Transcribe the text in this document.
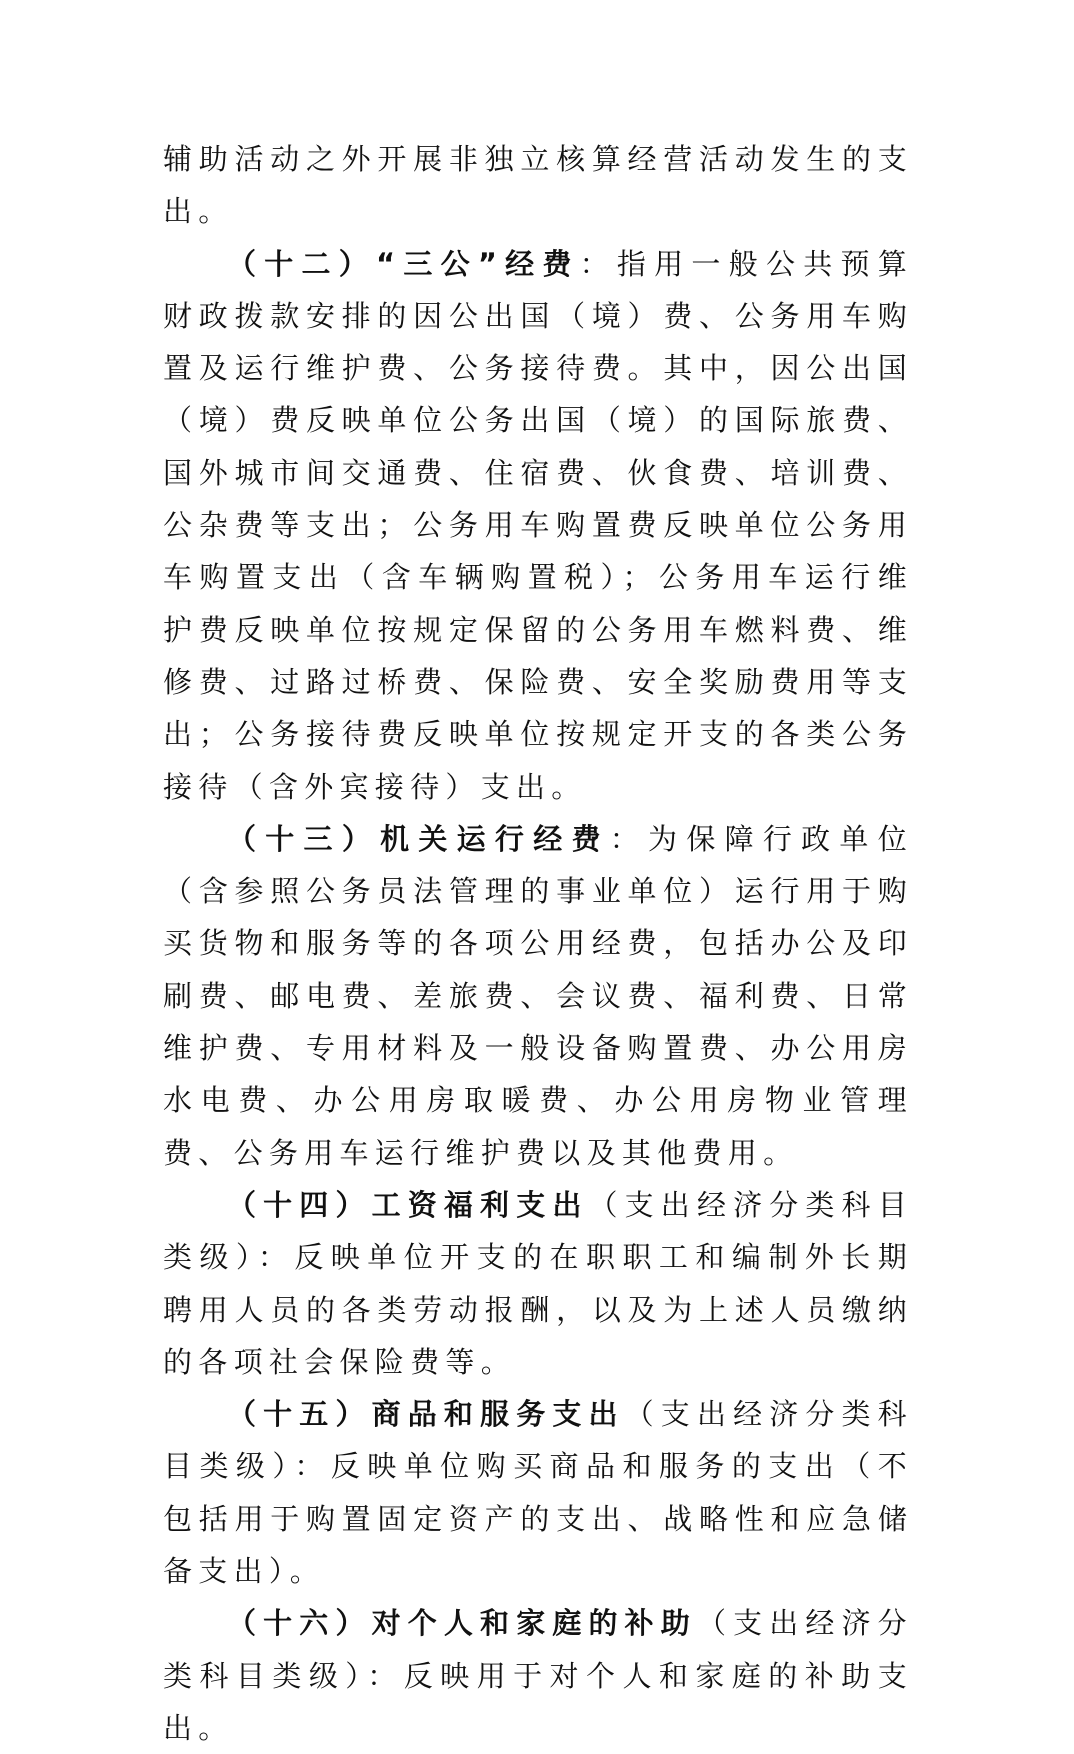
辅助活动之外开展非独立核算经营活动发生的支出。

（十二）“三公”经费：指用一般公共预算财政拨款安排的因公出国（境）费、公务用车购置及运行维护费、公务接待费。其中，因公出国（境）费反映单位公务出国（境）的国际旅费、国外城市间交通费、住宿费、伙食费、培训费、公杂费等支出；公务用车购置费反映单位公务用车购置支出（含车辆购置税）；公务用车运行维护费反映单位按规定保留的公务用车燃料费、维修费、过路过桥费、保险费、安全奖励费用等支出；公务接待费反映单位按规定开支的各类公务接待（含外宾接待）支出。

（十三）机关运行经费：为保障行政单位（含参照公务员法管理的事业单位）运行用于购买货物和服务等的各项公用经费，包括办公及印刷费、邮电费、差旅费、会议费、福利费、日常维护费、专用材料及一般设备购置费、办公用房水电费、办公用房取暖费、办公用房物业管理费、公务用车运行维护费以及其他费用。

（十四）工资福利支出（支出经济分类科目类级）：反映单位开支的在职职工和编制外长期聘用人员的各类劳动报酬，以及为上述人员缴纳的各项社会保险费等。

（十五）商品和服务支出（支出经济分类科目类级）：反映单位购买商品和服务的支出（不包括用于购置固定资产的支出、战略性和应急储备支出）。

（十六）对个人和家庭的补助（支出经济分类科目类级）：反映用于对个人和家庭的补助支出。
